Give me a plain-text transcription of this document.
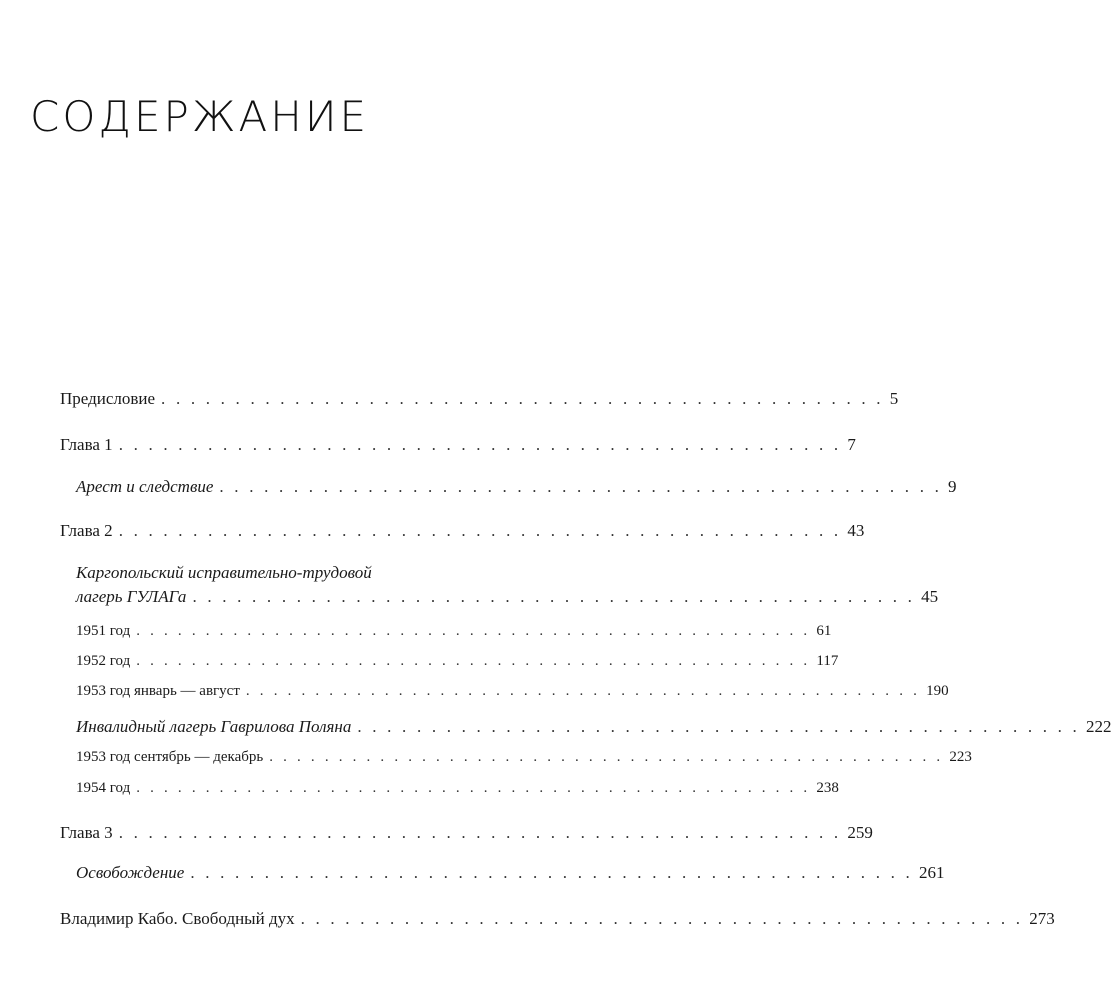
СОДЕРЖАНИЕ
Предисловие . . . . . . . . . . . . . . . . . . . . . . . . . . . . . . . . . . . . . . . . . . . . . . . . . 5
Глава 1 . . . . . . . . . . . . . . . . . . . . . . . . . . . . . . . . . . . . . . . . . . . . . . . . . 7
Арест и следствие . . . . . . . . . . . . . . . . . . . . . . . . . . . . . . . . . . . . . . . . . . . . . . . . . 9
Глава 2 . . . . . . . . . . . . . . . . . . . . . . . . . . . . . . . . . . . . . . . . . . . . . . . . . 43
Каргопольский исправительно-трудовой
лагерь ГУЛАГа . . . . . . . . . . . . . . . . . . . . . . . . . . . . . . . . . . . . . . . . . . . . . . . . . 45
1951 год . . . . . . . . . . . . . . . . . . . . . . . . . . . . . . . . . . . . . . . . . . . . . . . . . 61
1952 год . . . . . . . . . . . . . . . . . . . . . . . . . . . . . . . . . . . . . . . . . . . . . . . . . 117
1953 год январь — август . . . . . . . . . . . . . . . . . . . . . . . . . . . . . . . . . . . . . . . . . . . . . . . . . 190
Инвалидный лагерь Гаврилова Поляна . . . . . . . . . . . . . . . . . . . . . . . . . . . . . . . . . . . . . . . . . . . . . . . . . 222
1953 год сентябрь — декабрь . . . . . . . . . . . . . . . . . . . . . . . . . . . . . . . . . . . . . . . . . . . . . . . . . 223
1954 год . . . . . . . . . . . . . . . . . . . . . . . . . . . . . . . . . . . . . . . . . . . . . . . . . 238
Глава 3 . . . . . . . . . . . . . . . . . . . . . . . . . . . . . . . . . . . . . . . . . . . . . . . . . 259
Освобождение . . . . . . . . . . . . . . . . . . . . . . . . . . . . . . . . . . . . . . . . . . . . . . . . . 261
Владимир Кабо. Свободный дух . . . . . . . . . . . . . . . . . . . . . . . . . . . . . . . . . . . . . . . . . . . . . . . . . 273
